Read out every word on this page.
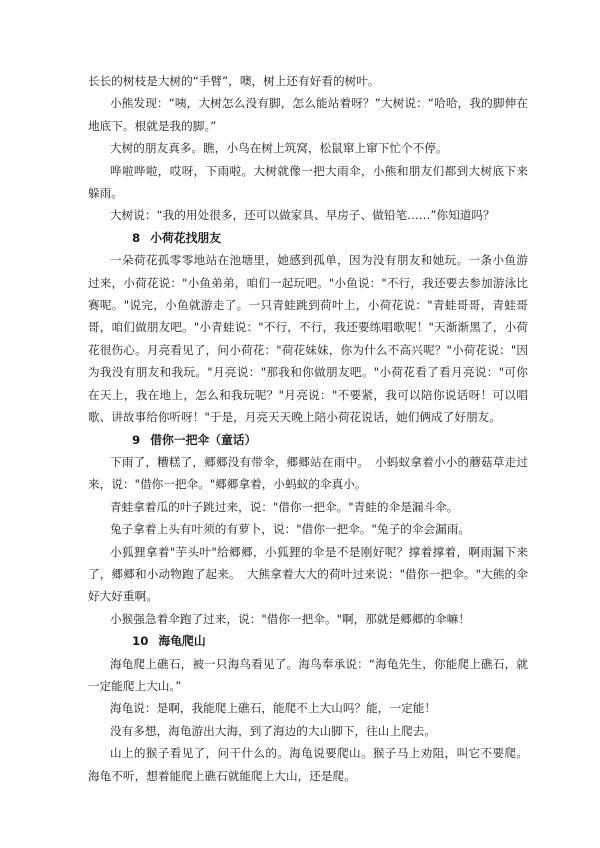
长长的树枝是大树的“手臂”，噢，树上还有好看的树叶。

小熊发现：“咦，大树怎么没有脚，怎么能站着呀？”大树说：“哈哈，我的脚伸在地底下。根就是我的脚。”

大树的朋友真多。瞧，小鸟在树上筑窝，松鼠窜上窜下忙个不停。

哗啦哗啦，哎呀，下雨啦。大树就像一把大雨伞，小熊和朋友们都到大树底下来躲雨。

大树说：“我的用处很多，还可以做家具、早房子、做铅笔……”你知道吗？

8 小荷花找朋友

一朵荷花孤零零地站在池塘里，她感到孤单，因为没有朋友和她玩。一条小鱼游过来，小荷花说："小鱼弟弟，咱们一起玩吧。"小鱼说："不行，我还要去参加游泳比赛呢。"说完，小鱼就游走了。一只青蛙跳到荷叶上，小荷花说："青蛙哥哥，青蛙哥哥，咱们做朋友吧。"小青蛙说："不行，不行，我还要练唱歌呢！"天渐渐黑了，小荷花很伤心。月亮看见了，问小荷花："荷花妹妹，你为什么不高兴呢？"小荷花说："因为我没有朋友和我玩。"月亮说："那我和你做朋友吧。"小荷花看了看月亮说："可你在天上，我在地上，怎么和我玩呢？"月亮说："不要紧，我可以陪你说话呀！可以唱歌、讲故事给你听呀！"于是，月亮天天晚上陪小荷花说话，她们俩成了好朋友。

9 借你一把伞（童话）

下雨了，糟糕了，郷郷没有带伞，郷郷站在雨中。　小蚂蚁拿着小小的蘑菇草走过来，说："借你一把伞。"郷郷拿着，小蚂蚁的伞真小。

青蛙拿着瓜的叶子跳过来，说："借你一把伞。"青蛙的伞是漏斗伞。

兔子拿着上头有叶须的有萝卜，说："借你一把伞。"兔子的伞会漏雨。

小狐狸拿着"芋头叶"给郷郷，小狐狸的伞是不是刚好呢？撑着撑着，啊雨漏下来了，郷郷和小动物跑了起来。　大熊拿着大大的荷叶过来说："借你一把伞。"大熊的伞好大好重啊。

小猴强急着伞跑了过来，说："借你一把伞。"啊，那就是郷郷的伞嘛！

10 海龟爬山

海龟爬上礁石，被一只海鸟看见了。海鸟奉承说：“海龟先生，你能爬上礁石，就一定能爬上大山。”

海龟说：是啊，我能爬上礁石，能爬不上大山吗？能，一定能！

没有多想，海龟游出大海，到了海边的大山脚下，往山上爬去。

山上的猴子看见了，问干什么的。海龟说要爬山。猴子马上劝阻，叫它不要爬。海龟不听，想着能爬上礁石就能爬上大山，还是爬。
